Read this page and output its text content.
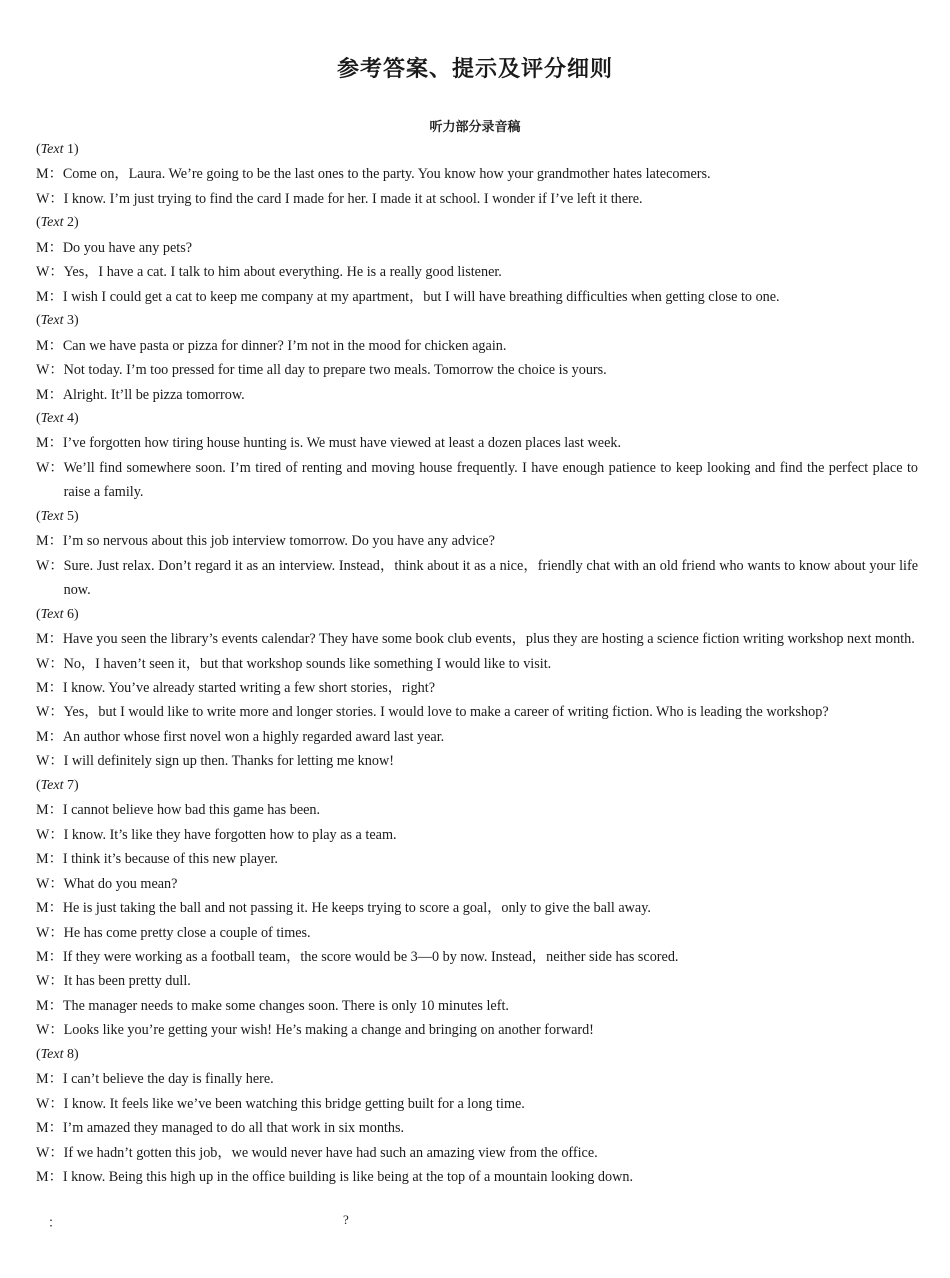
参考答案、提示及评分细则
听力部分录音稿
( Text
1 )
M： Come on，Laura. We’re going to be the last ones to the party. You know how your grandmother hates latecomers.
W： I know. I’m just trying to find the card I made for her. I made it at school. I wonder if I’ve left it there.
( Text
2 )
M： Do you have any pets?
W： Yes，I have a cat. I talk to him about everything. He is a really good listener.
M： I wish I could get a cat to keep me company at my apartment，but I will have breathing difficulties when getting close to one.
( Text
3 )
M： Can we have pasta or pizza for dinner? I’m not in the mood for chicken again.
W： Not today. I’m too pressed for time all day to prepare two meals. Tomorrow the choice is yours.
M： Alright. It’ll be pizza tomorrow.
( Text
4 )
M： I’ve forgotten how tiring house hunting is. We must have viewed at least a dozen places last week.
W： We’ll find somewhere soon. I’m tired of renting and moving house frequently. I have enough patience to keep looking and find the perfect place to raise a family.
( Text
5 )
M： I’m so nervous about this job interview tomorrow. Do you have any advice?
W： Sure. Just relax. Don’t regard it as an interview. Instead，think about it as a nice，friendly chat with an old friend who wants to know about your life now.
( Text
6 )
M： Have you seen the library’s events calendar? They have some book club events，plus they are hosting a science fiction writing workshop next month.
W： No，I haven’t seen it，but that workshop sounds like something I would like to visit.
M： I know. You’ve already started writing a few short stories，right?
W： Yes，but I would like to write more and longer stories. I would love to make a career of writing fiction. Who is leading the workshop?
M： An author whose first novel won a highly regarded award last year.
W： I will definitely sign up then. Thanks for letting me know!
( Text
7 )
M： I cannot believe how bad this game has been.
W： I know. It’s like they have forgotten how to play as a team.
M： I think it’s because of this new player.
W： What do you mean?
M： He is just taking the ball and not passing it. He keeps trying to score a goal，only to give the ball away.
W： He has come pretty close a couple of times.
M： If they were working as a football team，the score would be 3—0 by now. Instead，neither side has scored.
W： It has been pretty dull.
M： The manager needs to make some changes soon. There is only 10 minutes left.
W： Looks like you’re getting your wish! He’s making a change and bringing on another forward!
( Text
8 )
M： I can’t believe the day is finally here.
W： I know. It feels like we’ve been watching this bridge getting built for a long time.
M： I’m amazed they managed to do all that work in six months.
W： If we hadn’t gotten this job，we would never have had such an amazing view from the office.
M： I know. Being this high up in the office building is like being at the top of a mountain looking down.
：	?
